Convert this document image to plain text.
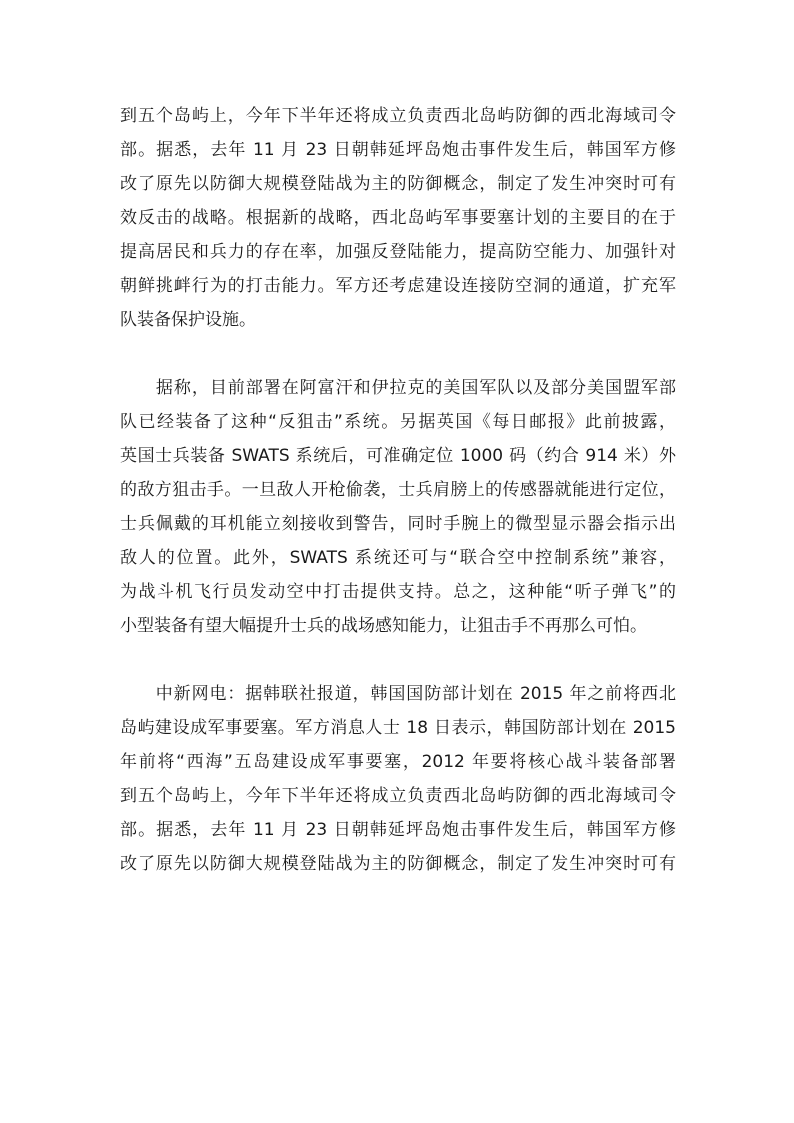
到五个岛屿上，今年下半年还将成立负责西北岛屿防御的西北海域司令
部。据悉，去年 11 月 23 日朝韩延坪岛炮击事件发生后，韩国军方修
改了原先以防御大规模登陆战为主的防御概念，制定了发生冲突时可有
效反击的战略。根据新的战略，西北岛屿军事要塞计划的主要目的在于
提高居民和兵力的存在率，加强反登陆能力，提高防空能力、加强针对
朝鲜挑衅行为的打击能力。军方还考虑建设连接防空洞的通道，扩充军
队装备保护设施。
　　据称，目前部署在阿富汗和伊拉克的美国军队以及部分美国盟军部
队已经装备了这种“反狙击”系统。另据英国《每日邮报》此前披露，
英国士兵装备 SWATS 系统后，可准确定位 1000 码（约合 914 米）外
的敌方狙击手。一旦敌人开枪偷袭，士兵肩膀上的传感器就能进行定位，
士兵佩戴的耳机能立刻接收到警告，同时手腕上的微型显示器会指示出
敌人的位置。此外，SWATS 系统还可与“联合空中控制系统”兼容，
为战斗机飞行员发动空中打击提供支持。总之，这种能“听子弹飞”的
小型装备有望大幅提升士兵的战场感知能力，让狙击手不再那么可怕。
　　中新网电：据韩联社报道，韩国国防部计划在 2015 年之前将西北
岛屿建设成军事要塞。军方消息人士 18 日表示，韩国防部计划在 2015
年前将“西海”五岛建设成军事要塞，2012 年要将核心战斗装备部署
到五个岛屿上，今年下半年还将成立负责西北岛屿防御的西北海域司令
部。据悉，去年 11 月 23 日朝韩延坪岛炮击事件发生后，韩国军方修
改了原先以防御大规模登陆战为主的防御概念，制定了发生冲突时可有
